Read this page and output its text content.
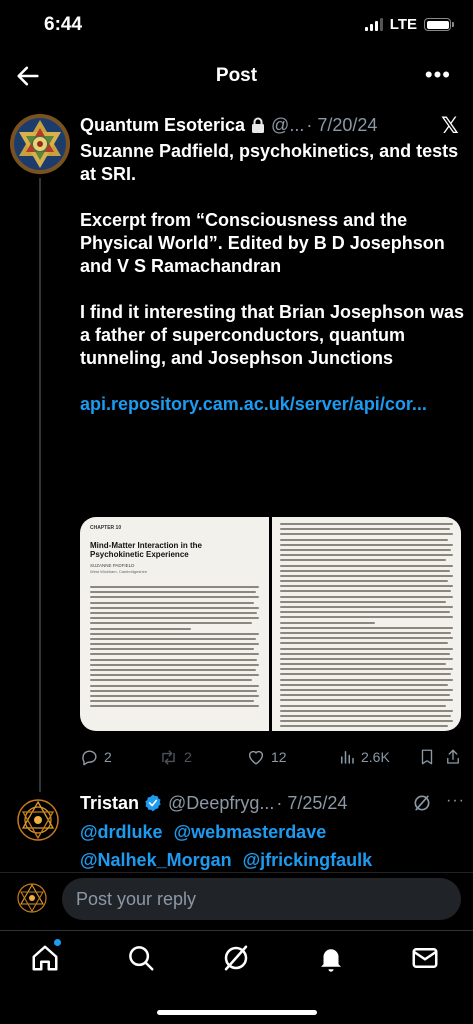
6:44	LTE
Post	•••
Quantum Esoterica @... · 7/20/24	𝕏

Suzanne Padfield, psychokinetics, and tests at SRI.

Excerpt from “Consciousness and the Physical World”. Edited by B D Josephson and V S Ramachandran

I find it interesting that Brian Josephson was a father of superconductors, quantum tunneling, and Josephson Junctions

api.repository.cam.ac.uk/server/api/cor...

CHAPTER 10
Mind-Matter Interaction in the
Psychokinetic Experience
SUZANNE PADFIELD
West Wickham, Cambridgeshire
2	2	12	2.6K
Tristan @Deepfryg... · 7/25/24	···
@drdluke @webmasterdave
@Nalhek_Morgan @jfrickingfaulk
Post your reply
